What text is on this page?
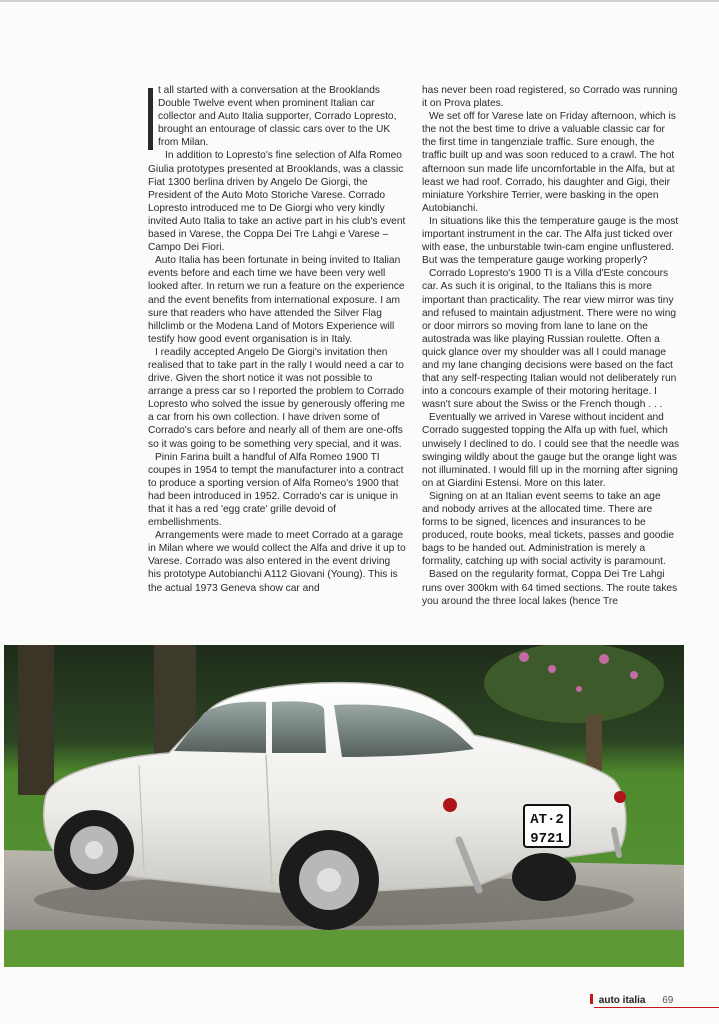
t all started with a conversation at the Brooklands Double Twelve event when prominent Italian car collector and Auto Italia supporter, Corrado Lopresto, brought an entourage of classic cars over to the UK from Milan.

In addition to Lopresto's fine selection of Alfa Romeo Giulia prototypes presented at Brooklands, was a classic Fiat 1300 berlina driven by Angelo De Giorgi, the President of the Auto Moto Storiche Varese. Corrado Lopresto introduced me to De Giorgi who very kindly invited Auto Italia to take an active part in his club's event based in Varese, the Coppa Dei Tre Lahgi e Varese – Campo Dei Fiori.

Auto Italia has been fortunate in being invited to Italian events before and each time we have been very well looked after. In return we run a feature on the experience and the event benefits from international exposure. I am sure that readers who have attended the Silver Flag hillclimb or the Modena Land of Motors Experience will testify how good event organisation is in Italy.

I readily accepted Angelo De Giorgi's invitation then realised that to take part in the rally I would need a car to drive. Given the short notice it was not possible to arrange a press car so I reported the problem to Corrado Lopresto who solved the issue by generously offering me a car from his own collection. I have driven some of Corrado's cars before and nearly all of them are one-offs so it was going to be something very special, and it was.

Pinin Farina built a handful of Alfa Romeo 1900 TI coupes in 1954 to tempt the manufacturer into a contract to produce a sporting version of Alfa Romeo's 1900 that had been introduced in 1952. Corrado's car is unique in that it has a red 'egg crate' grille devoid of embellishments.

Arrangements were made to meet Corrado at a garage in Milan where we would collect the Alfa and drive it up to Varese. Corrado was also entered in the event driving his prototype Autobianchi A112 Giovani (Young). This is the actual 1973 Geneva show car and

has never been road registered, so Corrado was running it on Prova plates.

We set off for Varese late on Friday afternoon, which is the not the best time to drive a valuable classic car for the first time in tangenziale traffic. Sure enough, the traffic built up and was soon reduced to a crawl. The hot afternoon sun made life uncomfortable in the Alfa, but at least we had roof. Corrado, his daughter and Gigi, their miniature Yorkshire Terrier, were basking in the open Autobianchi.

In situations like this the temperature gauge is the most important instrument in the car. The Alfa just ticked over with ease, the unburstable twin-cam engine unflustered. But was the temperature gauge working properly?

Corrado Lopresto's 1900 TI is a Villa d'Este concours car. As such it is original, to the Italians this is more important than practicality. The rear view mirror was tiny and refused to maintain adjustment. There were no wing or door mirrors so moving from lane to lane on the autostrada was like playing Russian roulette. Often a quick glance over my shoulder was all I could manage and my lane changing decisions were based on the fact that any self-respecting Italian would not deliberately run into a concours example of their motoring heritage. I wasn't sure about the Swiss or the French though . . .

Eventually we arrived in Varese without incident and Corrado suggested topping the Alfa up with fuel, which unwisely I declined to do. I could see that the needle was swinging wildly about the gauge but the orange light was not illuminated. I would fill up in the morning after signing on at Giardini Estensi. More on this later.

Signing on at an Italian event seems to take an age and nobody arrives at the allocated time. There are forms to be signed, licences and insurances to be produced, route books, meal tickets, passes and goodie bags to be handed out. Administration is merely a formality, catching up with social activity is paramount.

Based on the regularity format, Coppa Dei Tre Lahgi runs over 300km with 64 timed sections. The route takes you around the three local lakes (hence Tre

AT·2
9721
auto italia 69
